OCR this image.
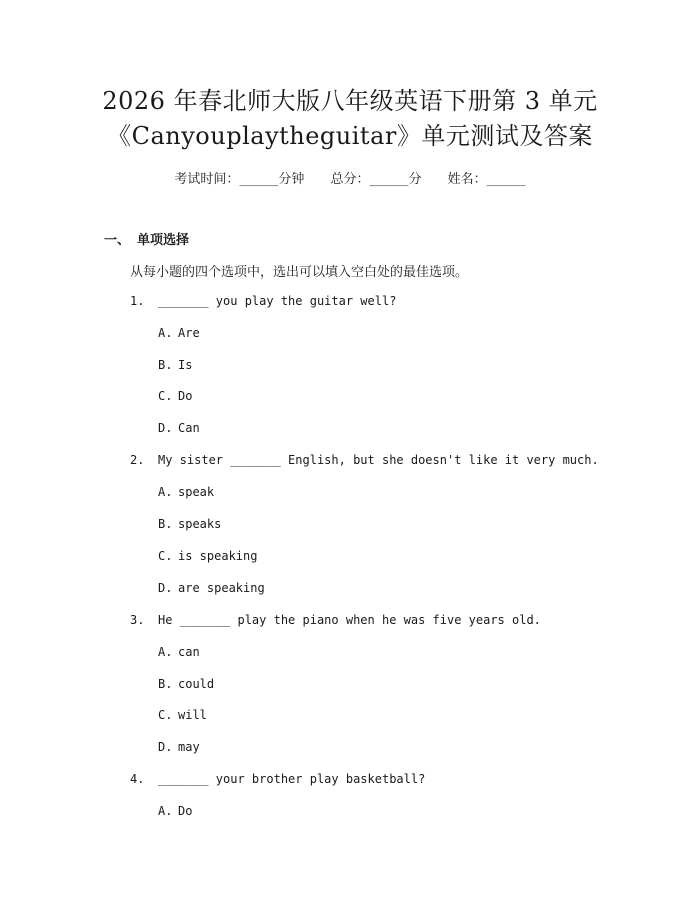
2026 年春北师大版八年级英语下册第 3 单元
《Canyouplaytheguitar》单元测试及答案
考试时间：______分钟 总分：______分 姓名：______
一、 单项选择
从每小题的四个选项中，选出可以填入空白处的最佳选项。
1. _______ you play the guitar well?
A. Are
B. Is
C. Do
D. Can
2. My sister _______ English, but she doesn't like it very much.
A. speak
B. speaks
C. is speaking
D. are speaking
3. He _______ play the piano when he was five years old.
A. can
B. could
C. will
D. may
4. _______ your brother play basketball?
A. Do
